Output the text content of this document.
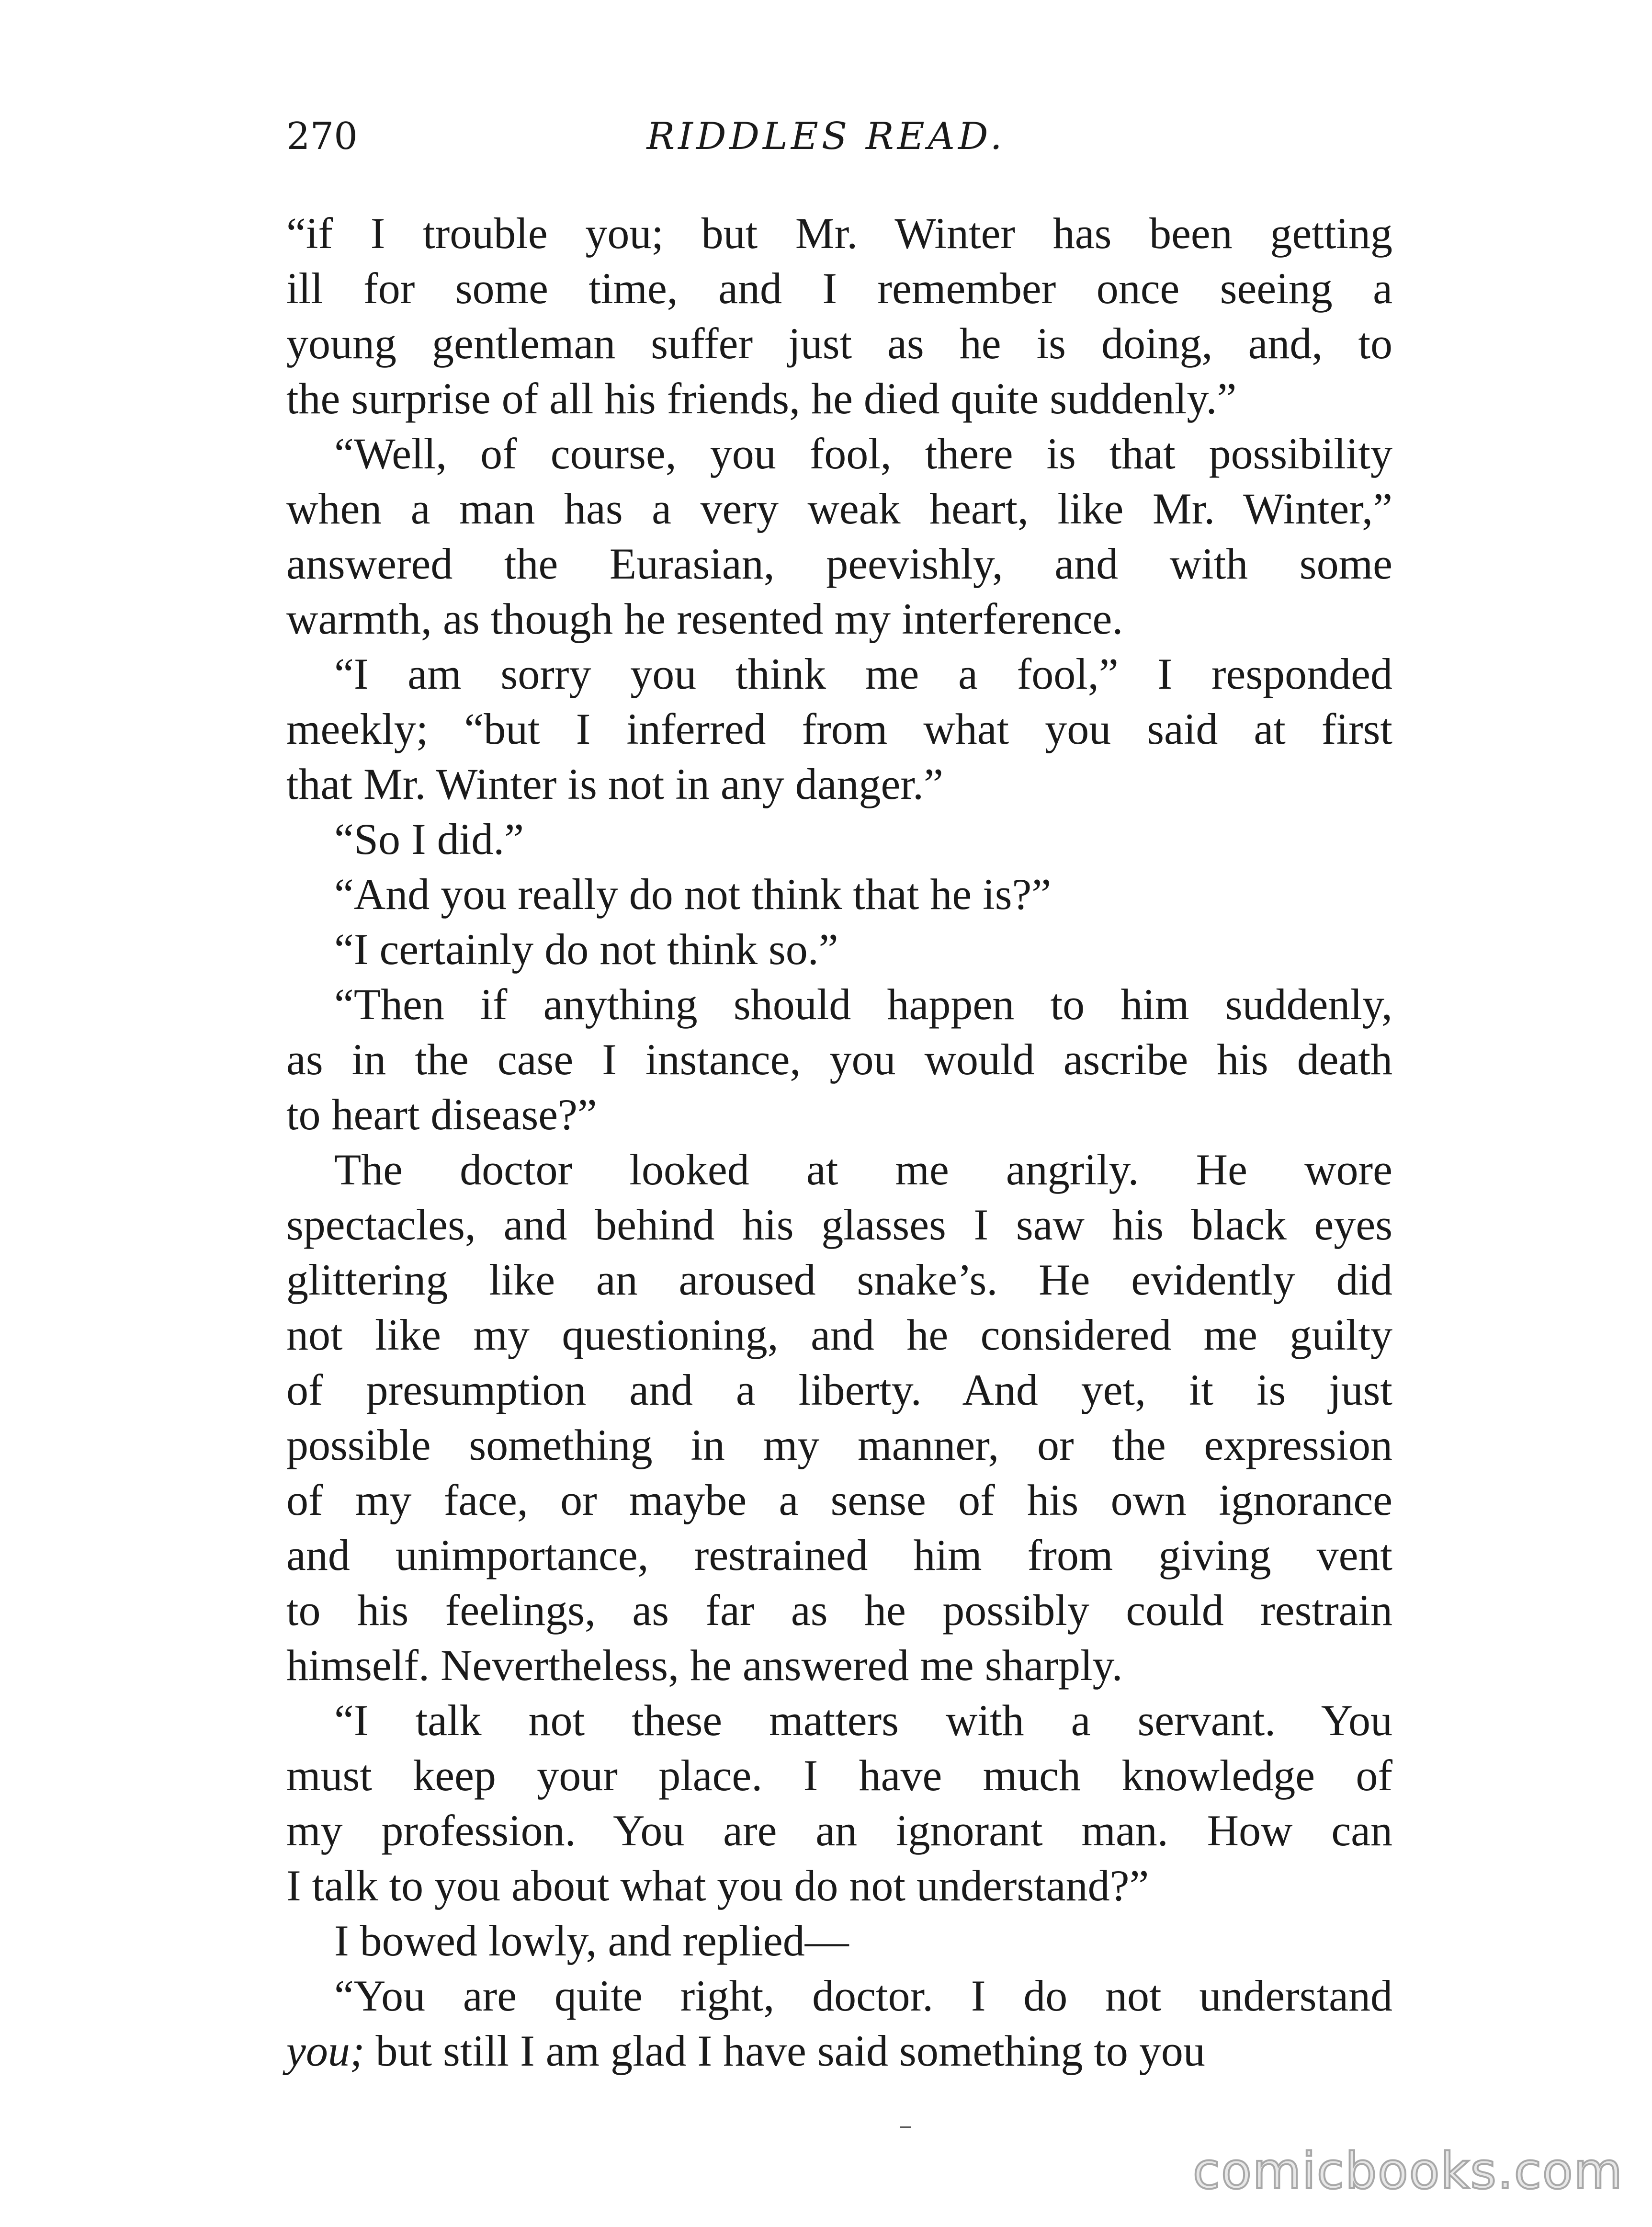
270	RIDDLES READ.
“if I trouble you; but Mr. Winter has been getting
ill for some time, and I remember once seeing a
young gentleman suffer just as he is doing, and, to
the surprise of all his friends, he died quite suddenly.”
“Well, of course, you fool, there is that possibility
when a man has a very weak heart, like Mr. Winter,”
answered the Eurasian, peevishly, and with some
warmth, as though he resented my interference.
“I am sorry you think me a fool,” I responded
meekly; “but I inferred from what you said at first
that Mr. Winter is not in any danger.”
“So I did.”
“And you really do not think that he is?”
“I certainly do not think so.”
“Then if anything should happen to him suddenly,
as in the case I instance, you would ascribe his death
to heart disease?”
The doctor looked at me angrily. He wore
spectacles, and behind his glasses I saw his black eyes
glittering like an aroused snake’s. He evidently did
not like my questioning, and he considered me guilty
of presumption and a liberty. And yet, it is just
possible something in my manner, or the expression
of my face, or maybe a sense of his own ignorance
and unimportance, restrained him from giving vent
to his feelings, as far as he possibly could restrain
himself. Nevertheless, he answered me sharply.
“I talk not these matters with a servant. You
must keep your place. I have much knowledge of
my profession. You are an ignorant man. How can
I talk to you about what you do not understand?”
I bowed lowly, and replied—
“You are quite right, doctor. I do not understand
you; but still I am glad I have said something to you
comicbooks.com
